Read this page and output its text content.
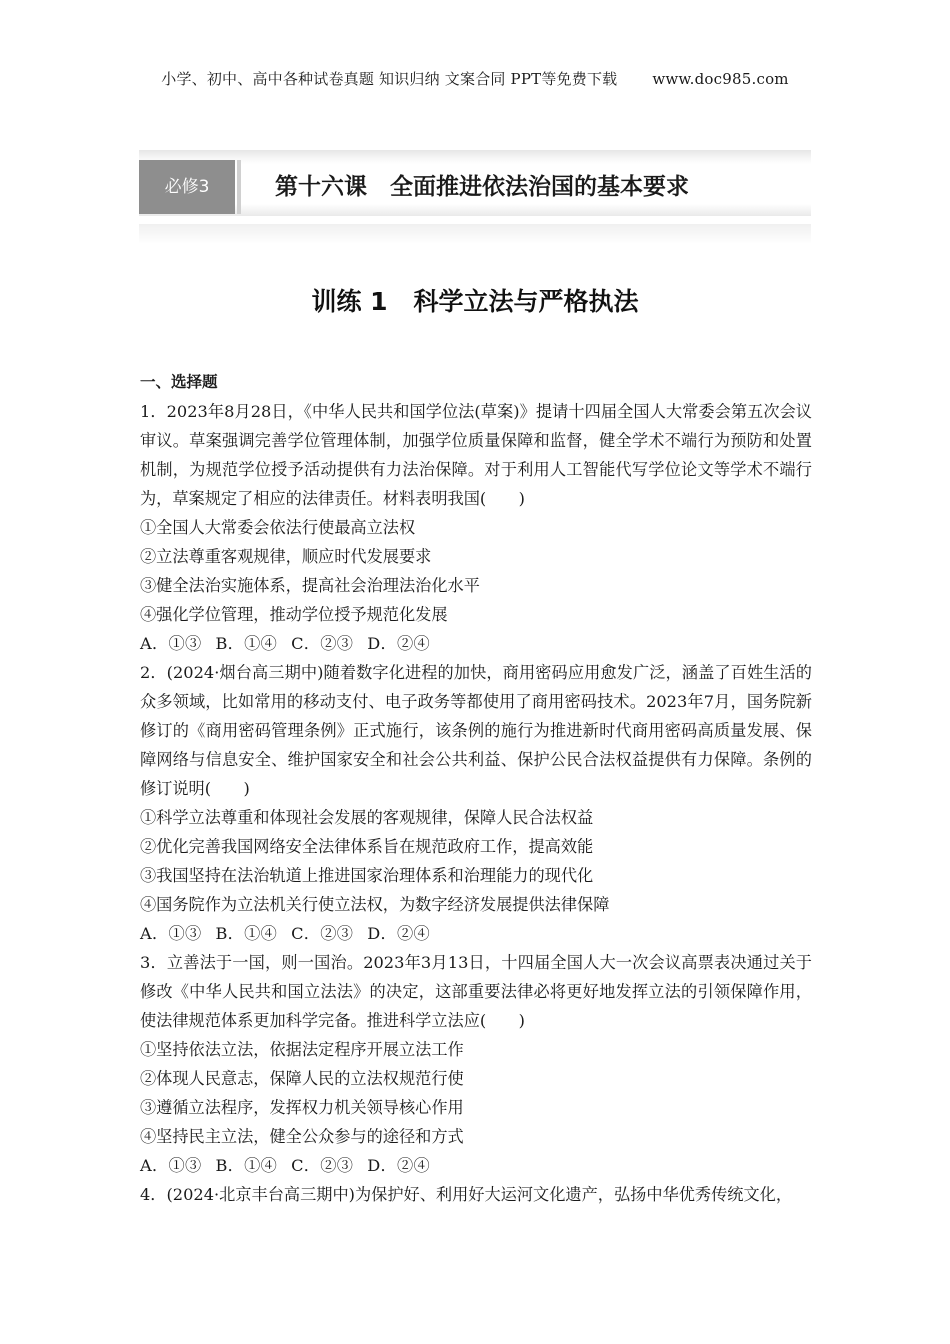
小学、初中、高中各种试卷真题 知识归纳 文案合同 PPT等免费下载 www.doc985.com
必修3	第十六课　全面推进依法治国的基本要求
训练 1 科学立法与严格执法
一、选择题
1．2023年8月28日，《中华人民共和国学位法(草案)》提请十四届全国人大常委会第五次会议审议。草案强调完善学位管理体制，加强学位质量保障和监督，健全学术不端行为预防和处置机制，为规范学位授予活动提供有力法治保障。对于利用人工智能代写学位论文等学术不端行为，草案规定了相应的法律责任。材料表明我国(　　)
①全国人大常委会依法行使最高立法权
②立法尊重客观规律，顺应时代发展要求
③健全法治实施体系，提高社会治理法治化水平
④强化学位管理，推动学位授予规范化发展
A．①③ B．①④ C．②③ D．②④
2．(2024·烟台高三期中)随着数字化进程的加快，商用密码应用愈发广泛，涵盖了百姓生活的众多领域，比如常用的移动支付、电子政务等都使用了商用密码技术。2023年7月，国务院新修订的《商用密码管理条例》正式施行，该条例的施行为推进新时代商用密码高质量发展、保障网络与信息安全、维护国家安全和社会公共利益、保护公民合法权益提供有力保障。条例的修订说明(　　)
①科学立法尊重和体现社会发展的客观规律，保障人民合法权益
②优化完善我国网络安全法律体系旨在规范政府工作，提高效能
③我国坚持在法治轨道上推进国家治理体系和治理能力的现代化
④国务院作为立法机关行使立法权，为数字经济发展提供法律保障
A．①③ B．①④ C．②③ D．②④
3．立善法于一国，则一国治。2023年3月13日，十四届全国人大一次会议高票表决通过关于修改《中华人民共和国立法法》的决定，这部重要法律必将更好地发挥立法的引领保障作用，使法律规范体系更加科学完备。推进科学立法应(　　)
①坚持依法立法，依据法定程序开展立法工作
②体现人民意志，保障人民的立法权规范行使
③遵循立法程序，发挥权力机关领导核心作用
④坚持民主立法，健全公众参与的途径和方式
A．①③ B．①④ C．②③ D．②④
4．(2024·北京丰台高三期中)为保护好、利用好大运河文化遗产，弘扬中华优秀传统文化，
